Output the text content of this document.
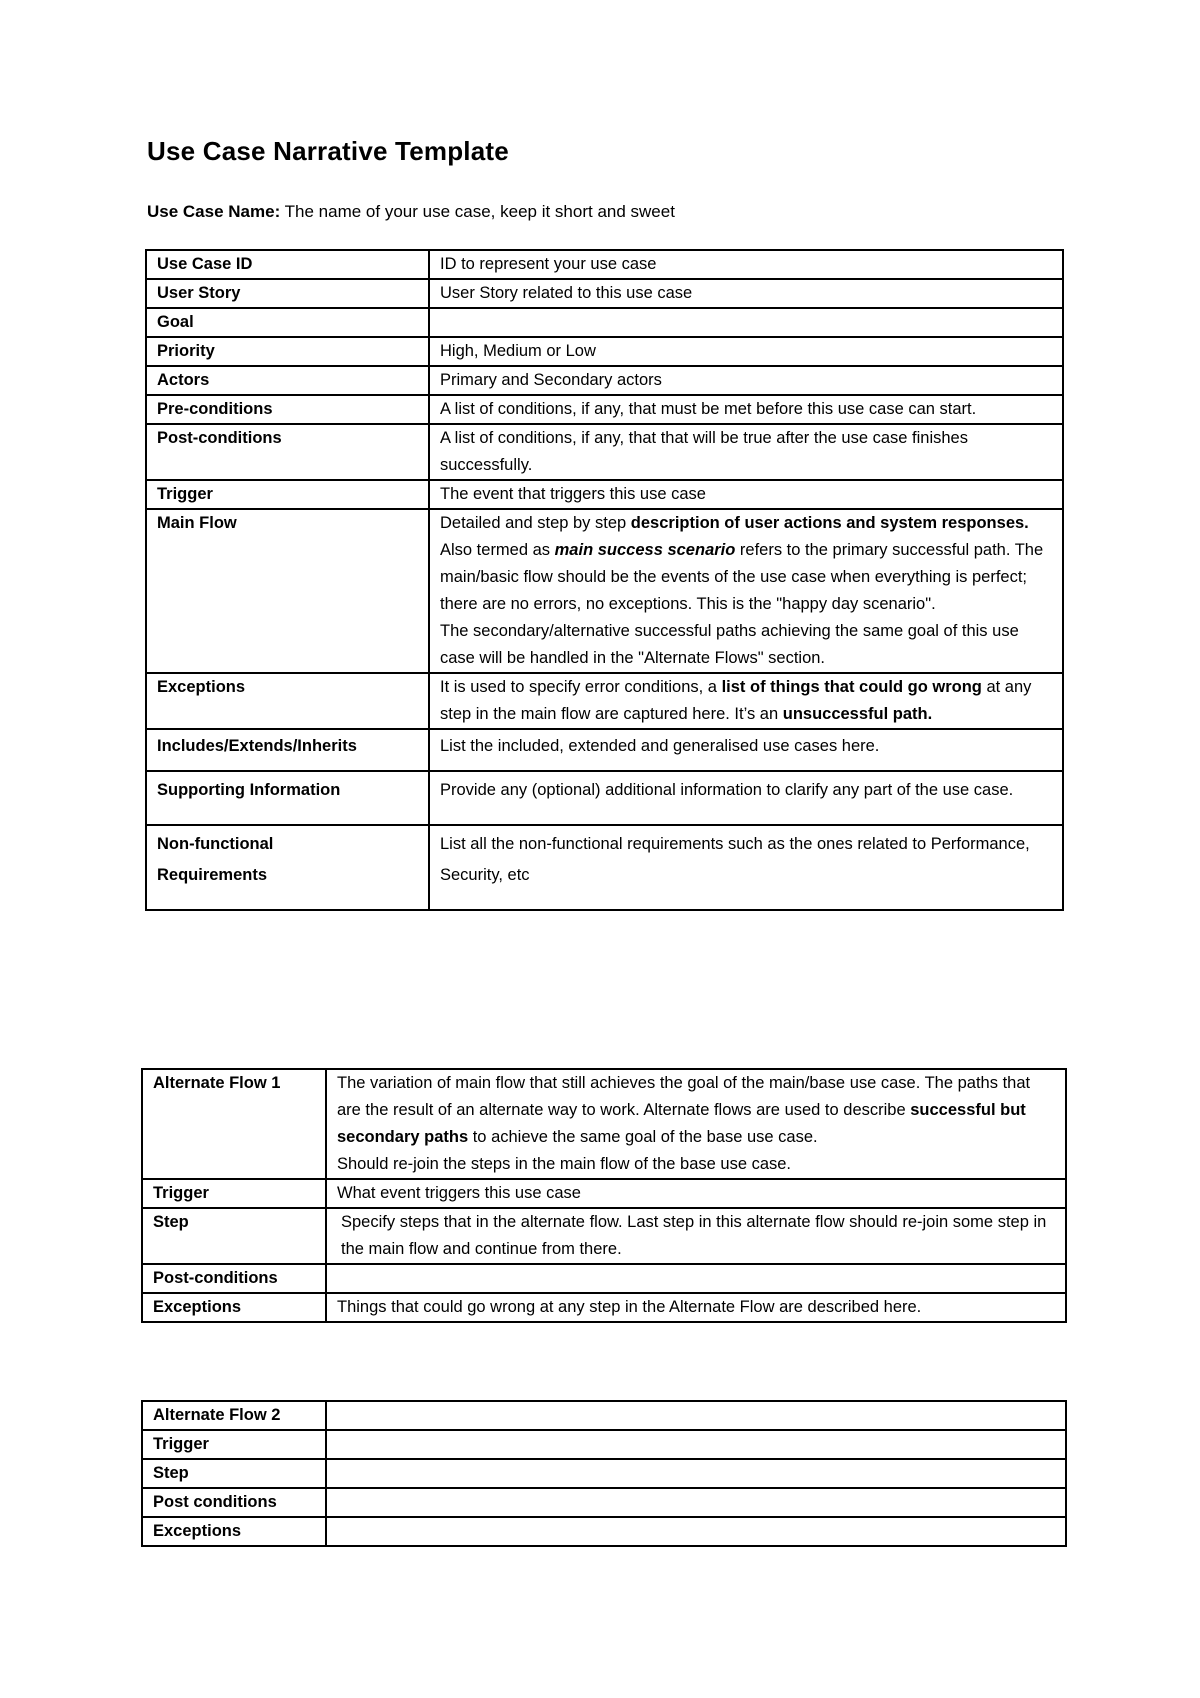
Use Case Narrative Template

Use Case Name: The name of your use case, keep it short and sweet

Use Case ID	ID to represent your use case
User Story	User Story related to this use case
Goal	
Priority	High, Medium or Low
Actors	Primary and Secondary actors
Pre-conditions	A list of conditions, if any, that must be met before this use case can start.
Post-conditions	A list of conditions, if any, that that will be true after the use case finishes successfully.
Trigger	The event that triggers this use case
Main Flow	Detailed and step by step description of user actions and system responses.
Also termed as main success scenario refers to the primary successful path. The main/basic flow should be the events of the use case when everything is perfect; there are no errors, no exceptions. This is the "happy day scenario".
The secondary/alternative successful paths achieving the same goal of this use case will be handled in the "Alternate Flows" section.

Exceptions	It is used to specify error conditions, a list of things that could go wrong at any step in the main flow are captured here. It’s an unsuccessful path.
Includes/Extends/Inherits	List the included, extended and generalised use cases here.
Supporting Information	Provide any (optional) additional information to clarify any part of the use case.

Non-functional
Requirements	List all the non-functional requirements such as the ones related to Performance, Security, etc
Alternate Flow 1	The variation of main flow that still achieves the goal of the main/base use case. The paths that are the result of an alternate way to work. Alternate flows are used to describe successful but secondary paths to achieve the same goal of the base use case.
Should re-join the steps in the main flow of the base use case.

Trigger	What event triggers this use case
Step	Specify steps that in the alternate flow. Last step in this alternate flow should re-join some step in the main flow and continue from there.
Post-conditions	
Exceptions	Things that could go wrong at any step in the Alternate Flow are described here.
Alternate Flow 2	
Trigger	
Step	
Post conditions	
Exceptions	
